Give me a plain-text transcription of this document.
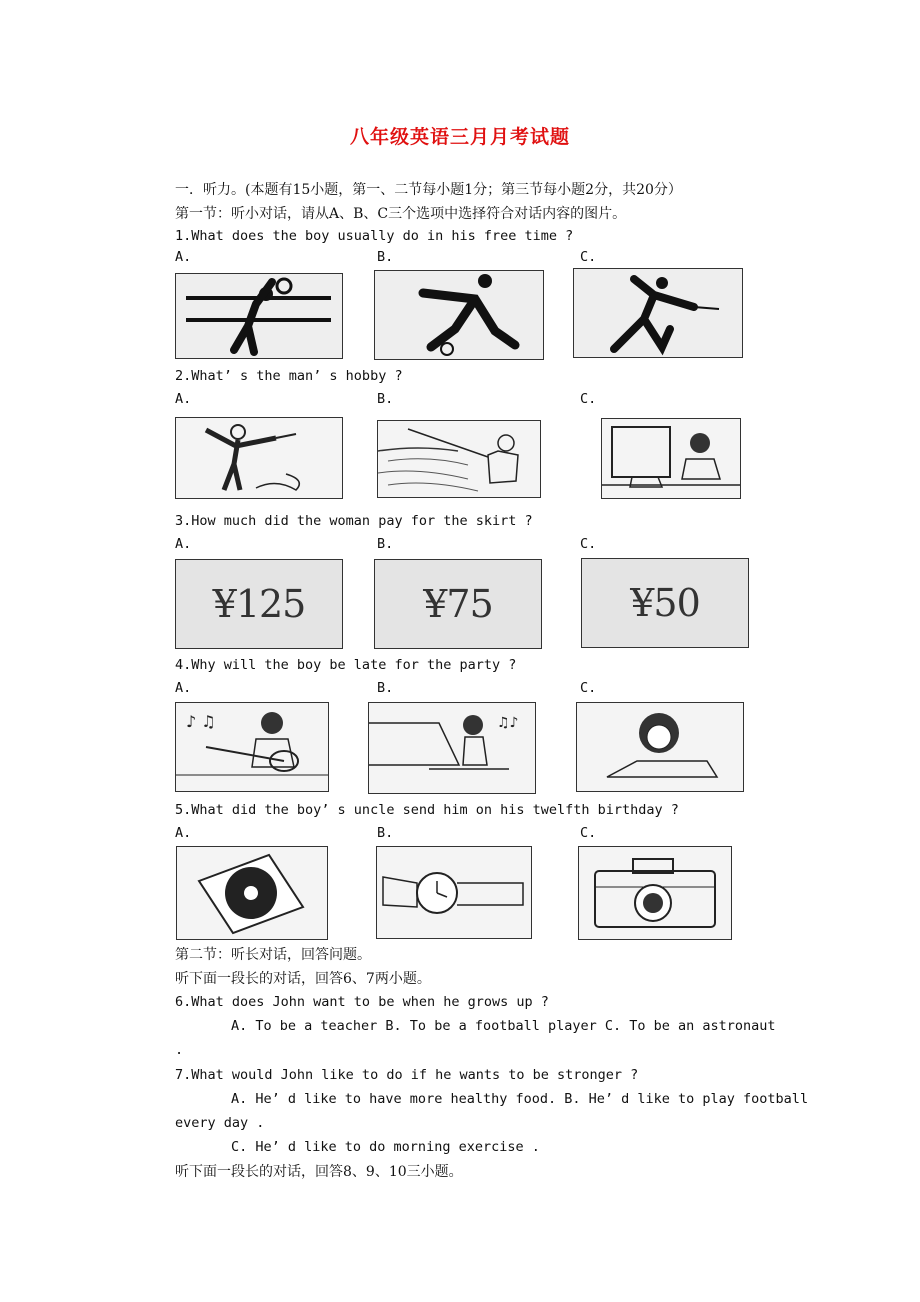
八年级英语三月月考试题
一．听力。(本题有15小题，第一、二节每小题1分；第三节每小题2分，共20分）
第一节：听小对话，请从A、B、C三个选项中选择符合对话内容的图片。
1.What does the boy usually do in his free time ?
A.	B.	C.
2.What’ s the man’ s hobby ?
A.	B.	C.
3.How much did the woman pay for the skirt ?
A.	B.	C.
¥125	¥75	¥50
4.Why will the boy be late for the party ?
A.	B.	C.
♪ ♫	♫♪
5.What did the boy’ s uncle send him on his twelfth birthday ?
A.	B.	C.
第二节：听长对话，回答问题。
听下面一段长的对话，回答6、7两小题。
6.What does John want to be when he grows up ?
A. To be a teacher B. To be a football player C. To be an astronaut
.
7.What would John like to do if he wants to be stronger ?
A. He’ d like to have more healthy food. B. He’ d like to play football
every day .
C. He’ d like to do morning exercise .
听下面一段长的对话，回答8、9、10三小题。
